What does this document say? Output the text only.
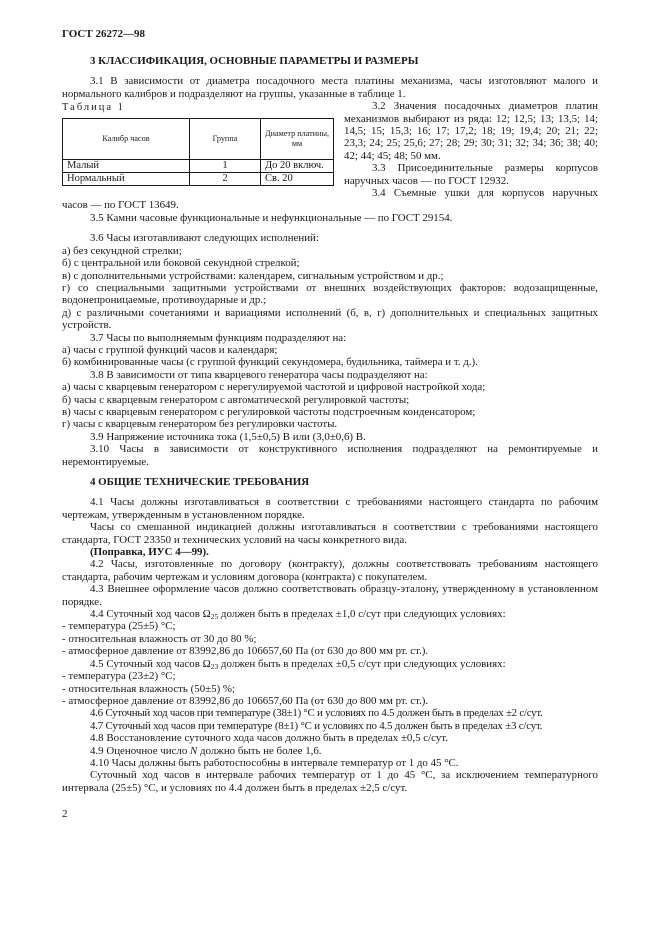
ГОСТ 26272—98
3 КЛАССИФИКАЦИЯ, ОСНОВНЫЕ ПАРАМЕТРЫ И РАЗМЕРЫ

3.1 В зависимости от диаметра посадочного места платины механизма, часы изготовляют малого и нормального калибров и подразделяют на группы, указанные в таблице 1.

Таблица 1
Калибр часов	Группа	Диаметр платины, мм
Малый	1	До 20 включ.
Нормальный	2	Св. 20

3.2 Значения посадочных диаметров платин механизмов выбирают из ряда: 12; 12,5; 13; 13,5; 14; 14,5; 15; 15,3; 16; 17; 17,2; 18; 19; 19,4; 20; 21; 22; 23,3; 24; 25; 25,6; 27; 28; 29; 30; 31; 32; 34; 36; 38; 40; 42; 44; 45; 48; 50 мм.

3.3 Присоединительные размеры корпусов наручных часов — по ГОСТ 12932.

3.4 Съемные ушки для корпусов наручных часов — по ГОСТ 13649.

3.5 Камни часовые функциональные и нефункциональные — по ГОСТ 29154.

3.6 Часы изготавливают следующих исполнений:

а) без секундной стрелки;

б) с центральной или боковой секундной стрелкой;

в) с дополнительными устройствами: календарем, сигнальным устройством и др.;

г) со специальными защитными устройствами от внешних воздействующих факторов: водозащищенные, водонепроницаемые, противоударные и др.;

д) с различными сочетаниями и вариациями исполнений (б, в, г) дополнительных и специальных защитных устройств.

3.7 Часы по выполняемым функциям подразделяют на:

а) часы с группой функций часов и календаря;

б) комбинированные часы (с группой функций секундомера, будильника, таймера и т. д.).

3.8 В зависимости от типа кварцевого генератора часы подразделяют на:

а) часы с кварцевым генератором с нерегулируемой частотой и цифровой настройкой хода;

б) часы с кварцевым генератором с автоматической регулировкой частоты;

в) часы с кварцевым генератором с регулировкой частоты подстроечным конденсатором;

г) часы с кварцевым генератором без регулировки частоты.

3.9 Напряжение источника тока (1,5±0,5) В или (3,0±0,6) В.

3.10 Часы в зависимости от конструктивного исполнения подразделяют на ремонтируемые и неремонтируемые.

4 ОБЩИЕ ТЕХНИЧЕСКИЕ ТРЕБОВАНИЯ

4.1 Часы должны изготавливаться в соответствии с требованиями настоящего стандарта по рабочим чертежам, утвержденным в установленном порядке.

Часы со смешанной индикацией должны изготавливаться в соответствии с требованиями настоящего стандарта, ГОСТ 23350 и технических условий на часы конкретного вида.

(Поправка, ИУС 4—99).

4.2 Часы, изготовленные по договору (контракту), должны соответствовать требованиям настоящего стандарта, рабочим чертежам и условиям договора (контракта) с покупателем.

4.3 Внешнее оформление часов должно соответствовать образцу-эталону, утвержденному в установленном порядке.

4.4 Суточный ход часов $\Omega_{25}$ должен быть в пределах ±1,0 с/сут при следующих условиях:

- температура (25±5) °С;

- относительная влажность от 30 до 80 %;

- атмосферное давление от 83992,86 до 106657,60 Па (от 630 до 800 мм рт. ст.).

4.5 Суточный ход часов $\Omega_{23}$ должен быть в пределах ±0,5 с/сут при следующих условиях:

- температура (23±2) °С;

- относительная влажность (50±5) %;

- атмосферное давление от 83992,86 до 106657,60 Па (от 630 до 800 мм рт. ст.).

4.6 Суточный ход часов при температуре (38±1) °С и условиях по 4.5 должен быть в пределах ±2 с/сут.

4.7 Суточный ход часов при температуре (8±1) °С и условиях по 4.5 должен быть в пределах ±3 с/сут.

4.8 Восстановление суточного хода часов должно быть в пределах ±0,5 с/сут.

4.9 Оценочное число N должно быть не более 1,6.

4.10 Часы должны быть работоспособны в интервале температур от 1 до 45 °С.

Суточный ход часов в интервале рабочих температур от 1 до 45 °С, за исключением температурного интервала (25±5) °С, и условиях по 4.4 должен быть в пределах ±2,5 с/сут.

2
